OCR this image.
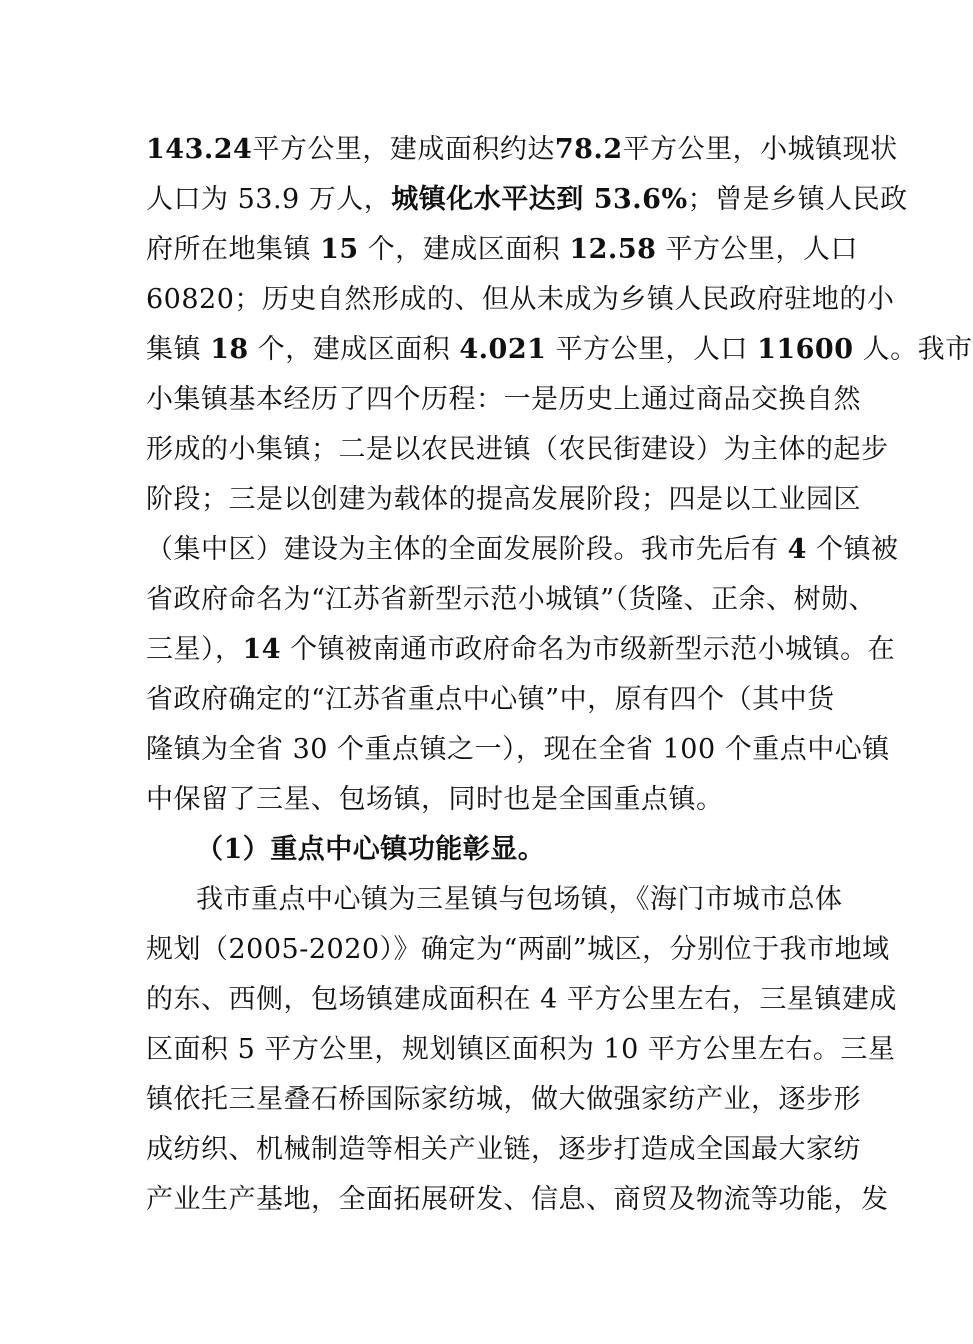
143.24平方公里，建成面积约达78.2平方公里，小城镇现状
人口为 53.9 万人，城镇化水平达到 53.6%；曾是乡镇人民政
府所在地集镇 15 个，建成区面积 12.58 平方公里，人口
60820；历史自然形成的、但从未成为乡镇人民政府驻地的小
集镇 18 个，建成区面积 4.021 平方公里，人口 11600 人。我市
小集镇基本经历了四个历程：一是历史上通过商品交换自然
形成的小集镇；二是以农民进镇（农民街建设）为主体的起步
阶段；三是以创建为载体的提高发展阶段；四是以工业园区
（集中区）建设为主体的全面发展阶段。我市先后有 4 个镇被
省政府命名为“江苏省新型示范小城镇”（货隆、正余、树勋、
三星），14 个镇被南通市政府命名为市级新型示范小城镇。在
省政府确定的“江苏省重点中心镇”中，原有四个（其中货
隆镇为全省 30 个重点镇之一），现在全省 100 个重点中心镇
中保留了三星、包场镇，同时也是全国重点镇。
（1）重点中心镇功能彰显。
我市重点中心镇为三星镇与包场镇，《海门市城市总体
规划（2005-2020）》确定为“两副”城区，分别位于我市地域
的东、西侧，包场镇建成面积在 4 平方公里左右，三星镇建成
区面积 5 平方公里，规划镇区面积为 10 平方公里左右。三星
镇依托三星叠石桥国际家纺城，做大做强家纺产业，逐步形
成纺织、机械制造等相关产业链，逐步打造成全国最大家纺
产业生产基地，全面拓展研发、信息、商贸及物流等功能，发
